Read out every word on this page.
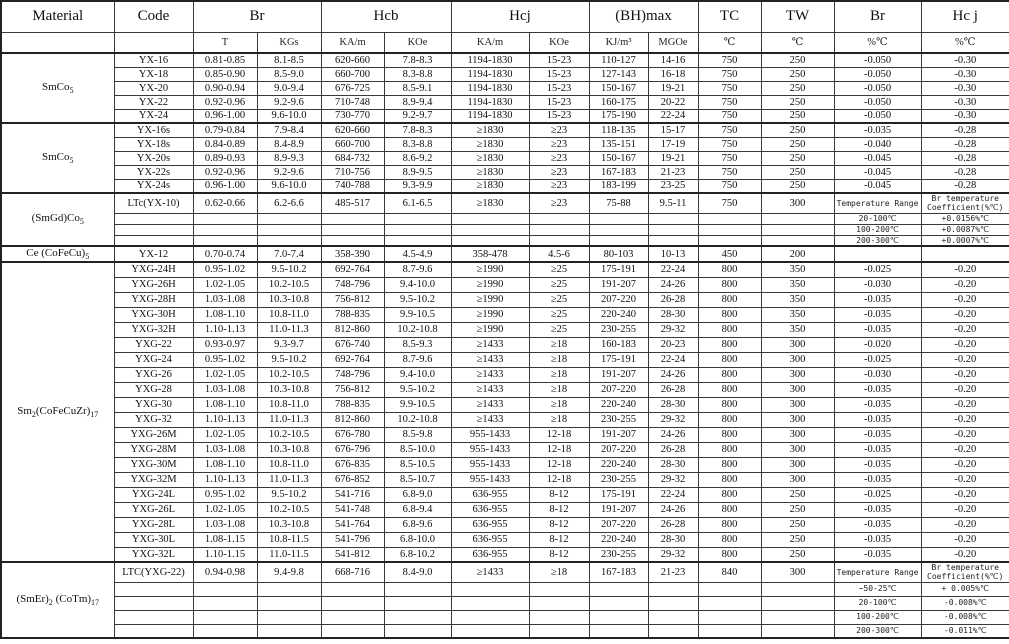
Material	Code	Br		Hcb		Hcj		(BH)max		TC	TW	Br	Hc j
		T	KGs	KA/m	KOe	KA/m	KOe	KJ/m³	MGOe	℃	℃	%℃	%℃
SmCo$_5$	YX-16	0.81-0.85	8.1-8.5	620-660	7.8-8.3	1194-1830	15-23	110-127	14-16	750	250	-0.050	-0.30
	YX-18	0.85-0.90	8.5-9.0	660-700	8.3-8.8	1194-1830	15-23	127-143	16-18	750	250	-0.050	-0.30
	YX-20	0.90-0.94	9.0-9.4	676-725	8.5-9.1	1194-1830	15-23	150-167	19-21	750	250	-0.050	-0.30
	YX-22	0.92-0.96	9.2-9.6	710-748	8.9-9.4	1194-1830	15-23	160-175	20-22	750	250	-0.050	-0.30
	YX-24	0.96-1.00	9.6-10.0	730-770	9.2-9.7	1194-1830	15-23	175-190	22-24	750	250	-0.050	-0.30
SmCo$_5$	YX-16s	0.79-0.84	7.9-8.4	620-660	7.8-8.3	≥1830	≥23	118-135	15-17	750	250	-0.035	-0.28
	YX-18s	0.84-0.89	8.4-8.9	660-700	8.3-8.8	≥1830	≥23	135-151	17-19	750	250	-0.040	-0.28
	YX-20s	0.89-0.93	8.9-9.3	684-732	8.6-9.2	≥1830	≥23	150-167	19-21	750	250	-0.045	-0.28
	YX-22s	0.92-0.96	9.2-9.6	710-756	8.9-9.5	≥1830	≥23	167-183	21-23	750	250	-0.045	-0.28
	YX-24s	0.96-1.00	9.6-10.0	740-788	9.3-9.9	≥1830	≥23	183-199	23-25	750	250	-0.045	-0.28
$(SmGd)Co_5$	LTc(YX-10)	0.62-0.66	6.2-6.6	485-517	6.1-6.5	≥1830	≥23	75-88	9.5-11	750	300	Temperature Range	Br temperature Coefficient(%℃)
												20-100℃	+0.0156%℃
												100-200℃	+0.0087%℃
												200-300℃	+0.0007%℃
Ce $(CoFeCu)_5$	YX-12	0.70-0.74	7.0-7.4	358-390	4.5-4.9	358-478	4.5-6	80-103	10-13	450	200		
$Sm_2(CoFeCuZr)_{17}$	YXG-24H	0.95-1.02	9.5-10.2	692-764	8.7-9.6	≥1990	≥25	175-191	22-24	800	350	-0.025	-0.20
	YXG-26H	1.02-1.05	10.2-10.5	748-796	9.4-10.0	≥1990	≥25	191-207	24-26	800	350	-0.030	-0.20
	YXG-28H	1.03-1.08	10.3-10.8	756-812	9.5-10.2	≥1990	≥25	207-220	26-28	800	350	-0.035	-0.20
	YXG-30H	1.08-1.10	10.8-11.0	788-835	9.9-10.5	≥1990	≥25	220-240	28-30	800	350	-0.035	-0.20
	YXG-32H	1.10-1.13	11.0-11.3	812-860	10.2-10.8	≥1990	≥25	230-255	29-32	800	350	-0.035	-0.20
	YXG-22	0.93-0.97	9.3-9.7	676-740	8.5-9.3	≥1433	≥18	160-183	20-23	800	300	-0.020	-0.20
	YXG-24	0.95-1.02	9.5-10.2	692-764	8.7-9.6	≥1433	≥18	175-191	22-24	800	300	-0.025	-0.20
	YXG-26	1.02-1.05	10.2-10.5	748-796	9.4-10.0	≥1433	≥18	191-207	24-26	800	300	-0.030	-0.20
	YXG-28	1.03-1.08	10.3-10.8	756-812	9.5-10.2	≥1433	≥18	207-220	26-28	800	300	-0.035	-0.20
	YXG-30	1.08-1.10	10.8-11.0	788-835	9.9-10.5	≥1433	≥18	220-240	28-30	800	300	-0.035	-0.20
	YXG-32	1.10-1.13	11.0-11.3	812-860	10.2-10.8	≥1433	≥18	230-255	29-32	800	300	-0.035	-0.20
	YXG-26M	1.02-1.05	10.2-10.5	676-780	8.5-9.8	955-1433	12-18	191-207	24-26	800	300	-0.035	-0.20
	YXG-28M	1.03-1.08	10.3-10.8	676-796	8.5-10.0	955-1433	12-18	207-220	26-28	800	300	-0.035	-0.20
	YXG-30M	1.08-1.10	10.8-11.0	676-835	8.5-10.5	955-1433	12-18	220-240	28-30	800	300	-0.035	-0.20
	YXG-32M	1.10-1.13	11.0-11.3	676-852	8.5-10.7	955-1433	12-18	230-255	29-32	800	300	-0.035	-0.20
	YXG-24L	0.95-1.02	9.5-10.2	541-716	6.8-9.0	636-955	8-12	175-191	22-24	800	250	-0.025	-0.20
	YXG-26L	1.02-1.05	10.2-10.5	541-748	6.8-9.4	636-955	8-12	191-207	24-26	800	250	-0.035	-0.20
	YXG-28L	1.03-1.08	10.3-10.8	541-764	6.8-9.6	636-955	8-12	207-220	26-28	800	250	-0.035	-0.20
	YXG-30L	1.08-1.15	10.8-11.5	541-796	6.8-10.0	636-955	8-12	220-240	28-30	800	250	-0.035	-0.20
	YXG-32L	1.10-1.15	11.0-11.5	541-812	6.8-10.2	636-955	8-12	230-255	29-32	800	250	-0.035	-0.20
$(SmEr)_2$ $(CoTm)_{17}$	LTC(YXG-22)	0.94-0.98	9.4-9.8	668-716	8.4-9.0	≥1433	≥18	167-183	21-23	840	300	Temperature Range	Br temperature Coefficient(%℃)
												−50-25℃	+ 0.005%℃
												20-100℃	-0.008%℃
												100-200℃	-0.008%℃
												200-300℃	-0.011%℃
